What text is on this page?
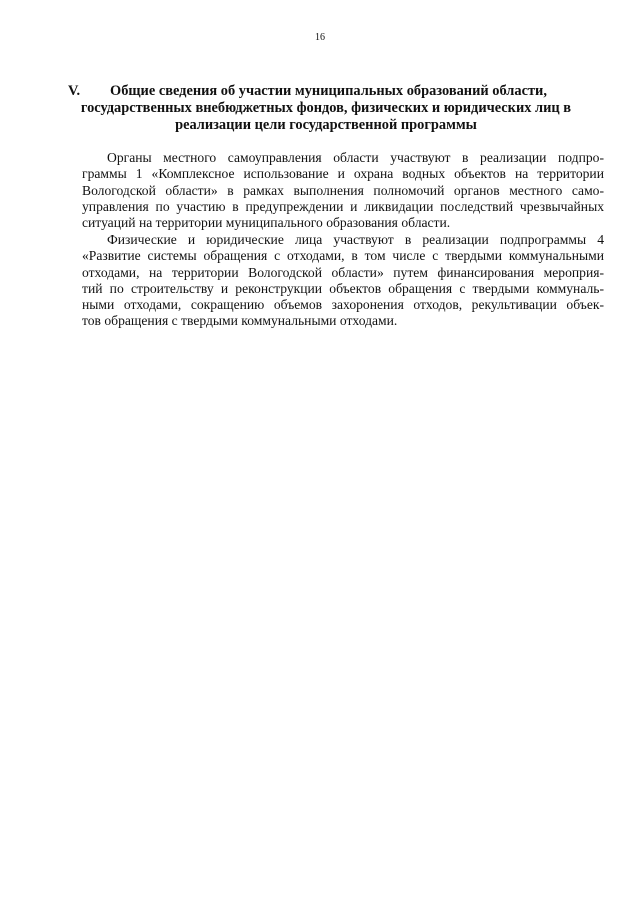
16
V. Общие сведения об участии муниципальных образований области,
государственных внебюджетных фондов, физических и юридических лиц в
реализации цели государственной программы
Органы местного самоуправления области участвуют в реализации подпро-
граммы 1 «Комплексное использование и охрана водных объектов на территории
Вологодской области» в рамках выполнения полномочий органов местного само-
управления по участию в предупреждении и ликвидации последствий чрезвычайных
ситуаций на территории муниципального образования области.
Физические и юридические лица участвуют в реализации подпрограммы 4
«Развитие системы обращения с отходами, в том числе с твердыми коммунальными
отходами, на территории Вологодской области» путем финансирования мероприя-
тий по строительству и реконструкции объектов обращения с твердыми коммуналь-
ными отходами, сокращению объемов захоронения отходов, рекультивации объек-
тов обращения с твердыми коммунальными отходами.
